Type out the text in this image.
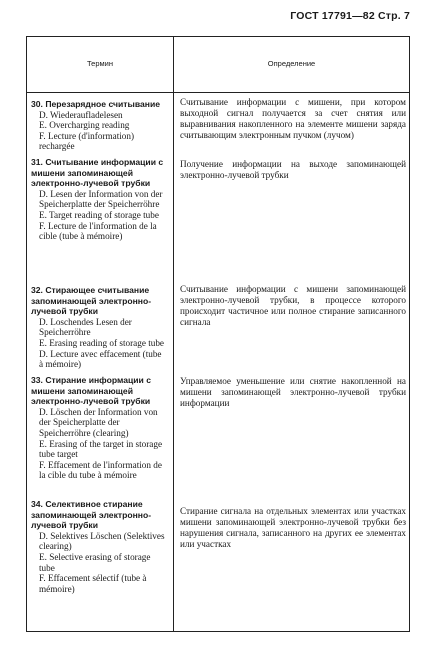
ГОСТ 17791—82 Стр. 7
Термин	Определение
30. Перезарядное считывание
D. Wiederaufladelesen
E. Overcharging reading
F. Lecture (d'information) rechargée
Считывание информации с мишени, при котором выходной сигнал получается за счет снятия или выравнивания накопленного на элементе мишени заряда считывающим электронным пучком (лучом)
31. Считывание информации с мишени запоминающей электронно-лучевой трубки
D. Lesen der Information von der Speicherplatte der Speicherröhre
E. Target reading of storage tube
F. Lecture de l'information de la cible (tube à mémoire)
Получение информации на выходе запоминающей электронно-лучевой трубки
32. Стирающее считывание запоминающей электронно-лучевой трубки
D. Loschendes Lesen der Speicherröhre
E. Erasing reading of storage tube
D. Lecture avec effacement (tube à mémoire)
Считывание информации с мишени запоминающей электронно-лучевой трубки, в процессе которого происходит частичное или полное стирание записанного сигнала
33. Стирание информации с мишени запоминающей электронно-лучевой трубки
D. Löschen der Information von der Speicherplatte der Speicherröhre (clearing)
E. Erasing of the target in storage tube target
F. Effacement de l'information de la cible du tube à mémoire
Управляемое уменьшение или снятие накопленной на мишени запоминающей электронно-лучевой трубки информации
34. Селективное стирание запоминающей электронно-лучевой трубки
D. Selektives Löschen (Selektives clearing)
E. Selective erasing of storage tube
F. Effacement sélectif (tube à mémoire)
Стирание сигнала на отдельных элементах или участках мишени запоминающей электронно-лучевой трубки без нарушения сигнала, записанного на других ее элементах или участках
